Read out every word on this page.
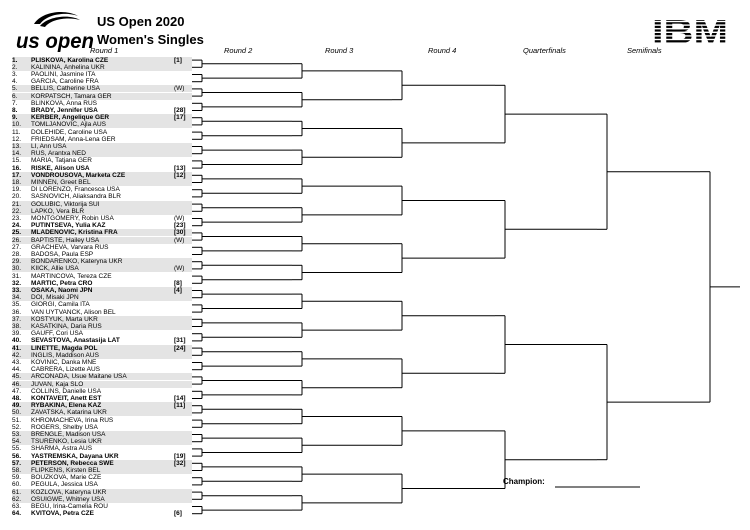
us open
US Open 2020
Women's Singles	IBM
Round 1	Round 2	Round 3	Round 4	Quarterfinals	Semifinals
1.	PLISKOVA, Karolina CZE	[1]
2.	KALININA, Anhelina UKR
3.	PAOLINI, Jasmine ITA
4.	GARCIA, Caroline FRA
5.	BELLIS, Catherine USA	(W)
6.	KORPATSCH, Tamara GER
7.	BLINKOVA, Anna RUS
8.	BRADY, Jennifer USA	[28]
9.	KERBER, Angelique GER	[17]
10.	TOMLJANOVIC, Ajla AUS
11.	DOLEHIDE, Caroline USA
12.	FRIEDSAM, Anna-Lena GER
13.	LI, Ann USA
14.	RUS, Arantxa NED
15.	MARIA, Tatjana GER
16.	RISKE, Alison USA	[13]
17.	VONDROUSOVA, Marketa CZE	[12]
18.	MINNEN, Greet BEL
19.	DI LORENZO, Francesca USA
20.	SASNOVICH, Aliaksandra BLR
21.	GOLUBIC, Viktorija SUI
22.	LAPKO, Vera BLR
23.	MONTGOMERY, Robin USA	(W)
24.	PUTINTSEVA, Yulia KAZ	[23]
25.	MLADENOVIC, Kristina FRA	[30]
26.	BAPTISTE, Hailey USA	(W)
27.	GRACHEVA, Varvara RUS
28.	BADOSA, Paula ESP
29.	BONDARENKO, Kateryna UKR
30.	KIICK, Allie USA	(W)
31.	MARTINCOVA, Tereza CZE
32.	MARTIC, Petra CRO	[8]
33.	OSAKA, Naomi JPN	[4]
34.	DOI, Misaki JPN
35.	GIORGI, Camila ITA
36.	VAN UYTVANCK, Alison BEL
37.	KOSTYUK, Marta UKR
38.	KASATKINA, Daria RUS
39.	GAUFF, Cori USA
40.	SEVASTOVA, Anastasija LAT	[31]
41.	LINETTE, Magda POL	[24]
42.	INGLIS, Maddison AUS
43.	KOVINIC, Danka MNE
44.	CABRERA, Lizette AUS
45.	ARCONADA, Usue Maitane USA
46.	JUVAN, Kaja SLO
47.	COLLINS, Danielle USA
48.	KONTAVEIT, Anett EST	[14]
49.	RYBAKINA, Elena KAZ	[11]
50.	ZAVATSKA, Katarina UKR
51.	KHROMACHEVA, Irina RUS
52.	ROGERS, Shelby USA
53.	BRENGLE, Madison USA
54.	TSURENKO, Lesia UKR
55.	SHARMA, Astra AUS
56.	YASTREMSKA, Dayana UKR	[19]
57.	PETERSON, Rebecca SWE	[32]
58.	FLIPKENS, Kirsten BEL
59.	BOUZKOVA, Marie CZE
60.	PEGULA, Jessica USA
61.	KOZLOVA, Kateryna UKR
62.	OSUIGWE, Whitney USA
63.	BEGU, Irina-Camelia ROU
64.	KVITOVA, Petra CZE	[6]
Champion:
